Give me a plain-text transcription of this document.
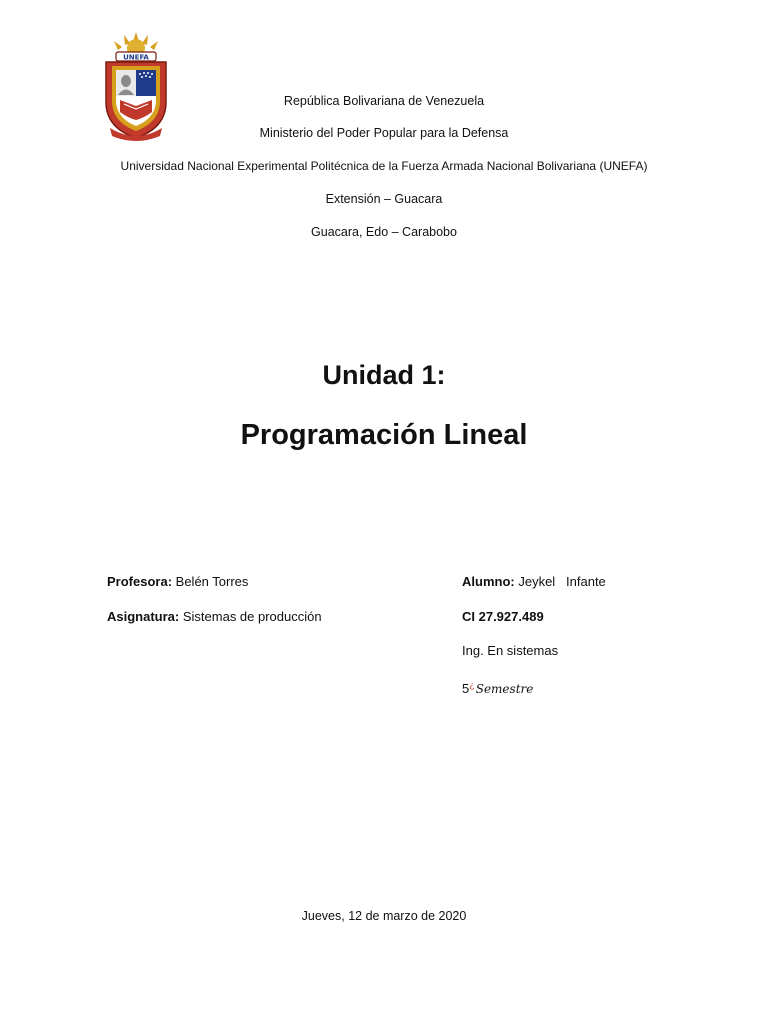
UNEFA
República Bolivariana de Venezuela
Ministerio del Poder Popular para la Defensa
Universidad Nacional Experimental Politécnica de la Fuerza Armada Nacional Bolivariana (UNEFA)
Extensión – Guacara
Guacara, Edo – Carabobo
Unidad 1:
Programación Lineal
Profesora: Belén Torres
Asignatura: Sistemas de producción
Alumno: Jeykel   Infante
CI 27.927.489
Ing. En sistemas
5¿Semestre
Jueves, 12 de marzo de 2020
